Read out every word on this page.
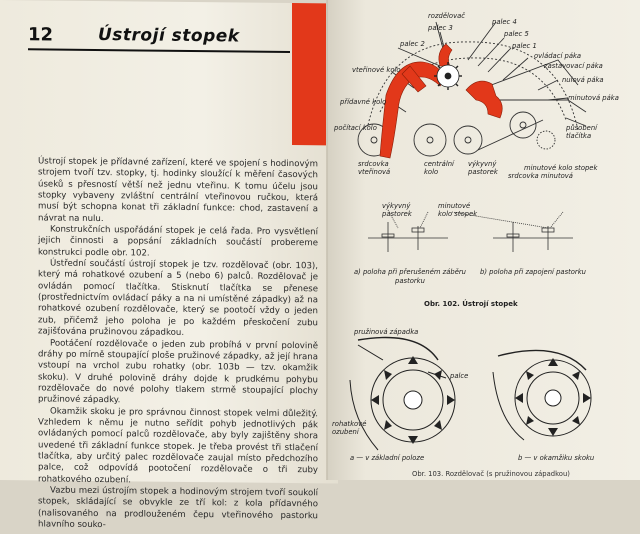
12	Ústrojí stopek

Ústrojí stopek je přídavné zařízení, které ve spojení s hodinovým strojem tvoří tzv. stopky, tj. hodinky sloužící k měření časových úseků s přesností větší než jednu vteřinu. K tomu účelu jsou stopky vybaveny zvláštní centrální vteřinovou ručkou, která musí být schopna konat tři základní funkce: chod, zastavení a návrat na nulu.

Konstrukčních uspořádání stopek je celá řada. Pro vysvětlení jejich činnosti a popsání základních součástí probereme konstrukci podle obr. 102.

Ústřední součástí ústrojí stopek je tzv. rozdělovač (obr. 103), který má rohatkové ozubení a 5 (nebo 6) palců. Rozdělovač je ovládán pomocí tlačítka. Stisknutí tlačítka se přenese (prostřednictvím ovládací páky a na ni umístěné západky) až na rohatkové ozubení rozdělovače, který se pootočí vždy o jeden zub, přičemž jeho poloha je po každém přeskočení zubu zajišťována pružinovou západkou.

Pootáčení rozdělovače o jeden zub probíhá v první polovině dráhy po mírně stoupající ploše pružinové západky, až její hrana vstoupí na vrchol zubu rohatky (obr. 103b — tzv. okamžik skoku). V druhé polovině dráhy dojde k prudkému pohybu rozdělovače do nové polohy tlakem strmě stoupající plochy pružinové západky.

Okamžik skoku je pro správnou činnost stopek velmi důležitý. Vzhledem k němu je nutno seřídit pohyb jednotlivých pák ovládaných pomocí palců rozdělovače, aby byly zajištěny shora uvedené tři základní funkce stopek. Je třeba provést tři stlačení tlačítka, aby určitý palec rozdělovače zaujal místo předchozího palce, což odpovídá pootočení rozdělovače o tři zuby rohatkového ozubení.

Vazbu mezi ústrojím stopek a hodinovým strojem tvoří soukolí stopek, skládající se obvykle ze tří kol: z kola přídavného (nalisovaného na prodlouženém čepu vteřinového pastorku hlavního souko-

rozdělovač
palec 3
palec 4
palec 2
palec 5
palec 1
ovládací páka
zastavovací páka
vteřinové kolo
nulová páka
přídavné kolo	minutová páka
počítací kolo	působení tlačítka
srdcovka vteřinová
centrální kolo
výkyvný pastorek	minutové kolo stopek
srdcovka minutová
výkyvný pastorek
minutové kolo stopek
a) poloha při přerušeném záběru pastorku
b) poloha při zapojení pastorku
Obr. 102. Ústrojí stopek
pružinová západka
palce
rohatkové ozubení
a — v základní poloze	b — v okamžiku skoku
Obr. 103. Rozdělovač (s pružinovou západkou)
